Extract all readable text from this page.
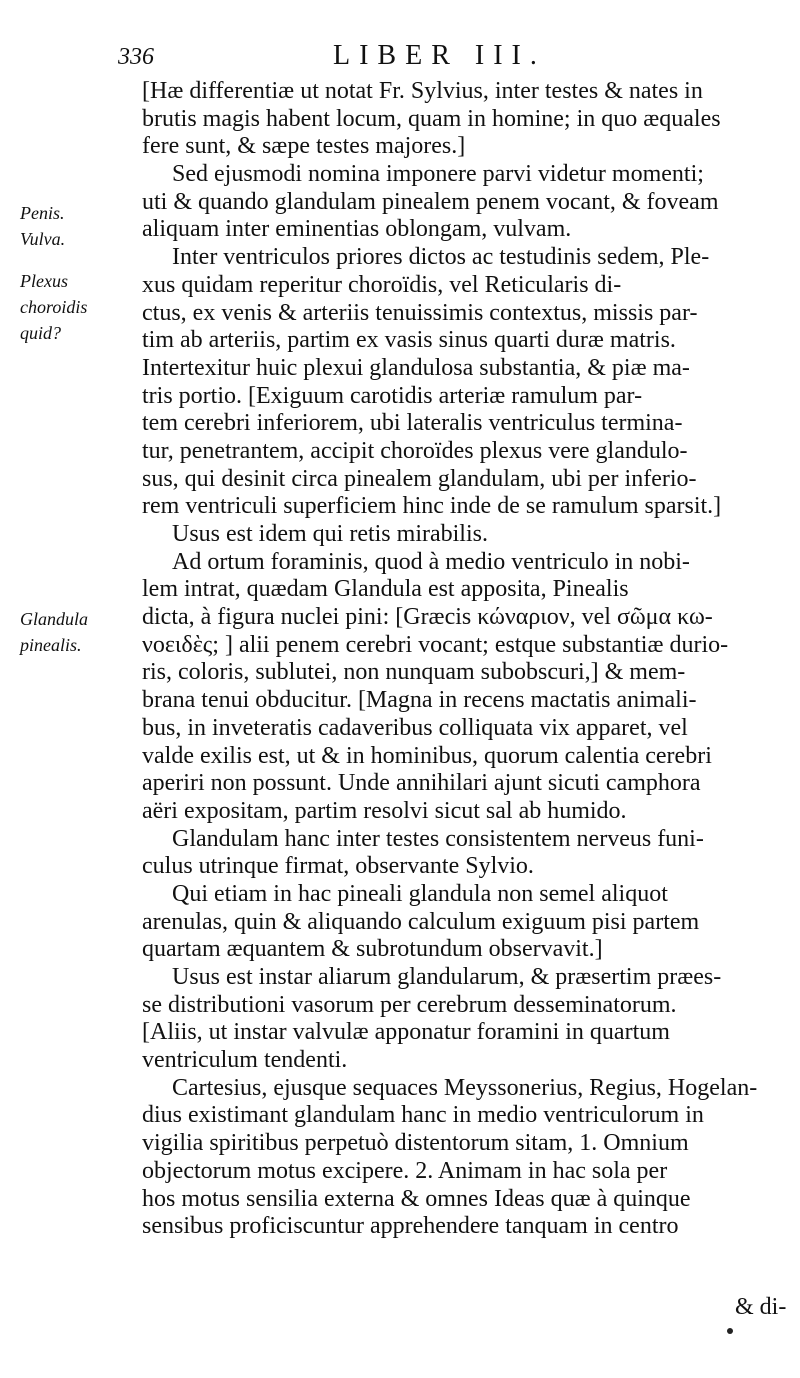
336	LIBER III.
Penis.
Vulva.
Plexus
choroidis
quid?
Glandula
pinealis.
[Hæ differentiæ ut notat Fr. Sylvius, inter testes & nates in
brutis magis habent locum, quam in homine; in quo æquales
fere sunt, & sæpe testes majores.]
Sed ejusmodi nomina imponere parvi videtur momenti;
uti & quando glandulam pinealem penem vocant, & foveam
aliquam inter eminentias oblongam, vulvam.
Inter ventriculos priores dictos ac testudinis sedem, Ple-
xus quidam reperitur choroïdis, vel Reticularis di-
ctus, ex venis & arteriis tenuissimis contextus, missis par-
tim ab arteriis, partim ex vasis sinus quarti duræ matris.
Intertexitur huic plexui glandulosa substantia, & piæ ma-
tris portio. [Exiguum carotidis arteriæ ramulum par-
tem cerebri inferiorem, ubi lateralis ventriculus termina-
tur, penetrantem, accipit choroïdes plexus vere glandulo-
sus, qui desinit circa pinealem glandulam, ubi per inferio-
rem ventriculi superficiem hinc inde de se ramulum sparsit.]
Usus est idem qui retis mirabilis.
Ad ortum foraminis, quod à medio ventriculo in nobi-
lem intrat, quædam Glandula est apposita, Pinealis
dicta, à figura nuclei pini: [Græcis κώναριον, vel σῶμα κω-
νοειδὲς; ] alii penem cerebri vocant; estque substantiæ durio-
ris, coloris, sublutei, non nunquam subobscuri,] & mem-
brana tenui obducitur. [Magna in recens mactatis animali-
bus, in inveteratis cadaveribus colliquata vix apparet, vel
valde exilis est, ut & in hominibus, quorum calentia cerebri
aperiri non possunt. Unde annihilari ajunt sicuti camphora
aëri expositam, partim resolvi sicut sal ab humido.
Glandulam hanc inter testes consistentem nerveus funi-
culus utrinque firmat, observante Sylvio.
Qui etiam in hac pineali glandula non semel aliquot
arenulas, quin & aliquando calculum exiguum pisi partem
quartam æquantem & subrotundum observavit.]
Usus est instar aliarum glandularum, & præsertim præes-
se distributioni vasorum per cerebrum desseminatorum.
[Aliis, ut instar valvulæ apponatur foramini in quartum
ventriculum tendenti.
Cartesius, ejusque sequaces Meyssonerius, Regius, Hogelan-
dius existimant glandulam hanc in medio ventriculorum in
vigilia spiritibus perpetuò distentorum sitam, 1. Omnium
objectorum motus excipere. 2. Animam in hac sola per
hos motus sensilia externa & omnes Ideas quæ à quinque
sensibus proficiscuntur apprehendere tanquam in centro
& di-
